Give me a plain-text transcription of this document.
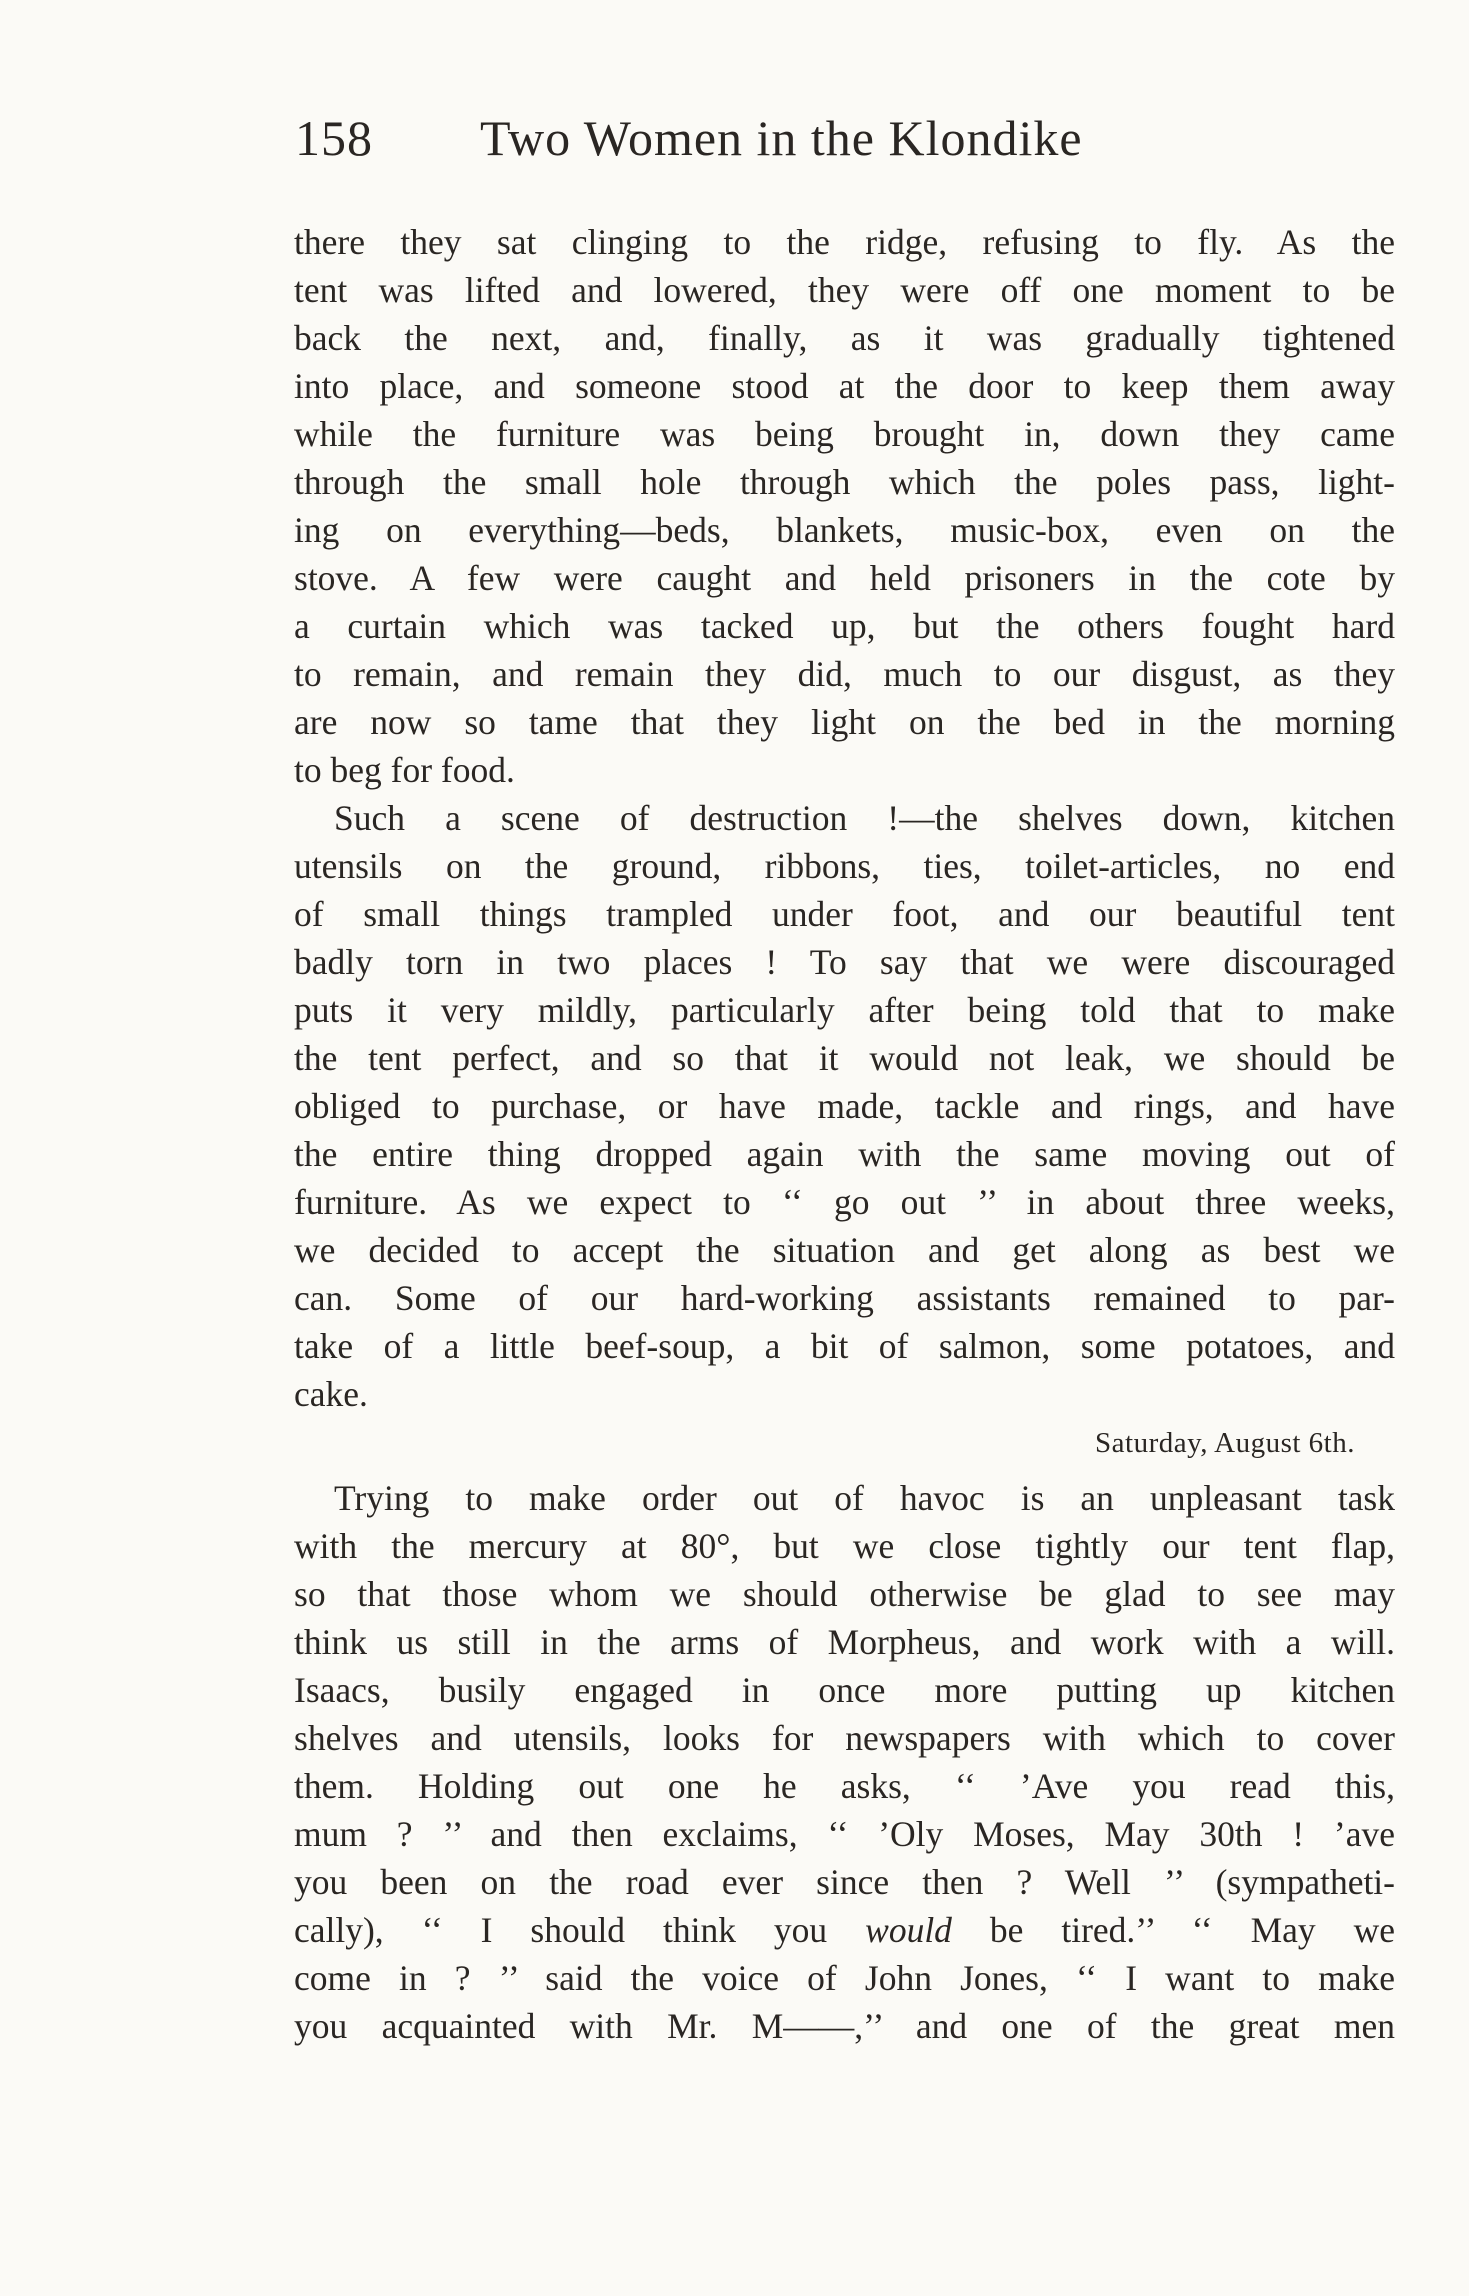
158 Two Women in the Klondike
there they sat clinging to the ridge, refusing to fly. As the
tent was lifted and lowered, they were off one moment to be
back the next, and, finally, as it was gradually tightened
into place, and someone stood at the door to keep them away
while the furniture was being brought in, down they came
through the small hole through which the poles pass, light-
ing on everything—beds, blankets, music-box, even on the
stove. A few were caught and held prisoners in the cote by
a curtain which was tacked up, but the others fought hard
to remain, and remain they did, much to our disgust, as they
are now so tame that they light on the bed in the morning
to beg for food.
Such a scene of destruction !—the shelves down, kitchen
utensils on the ground, ribbons, ties, toilet-articles, no end
of small things trampled under foot, and our beautiful tent
badly torn in two places ! To say that we were discouraged
puts it very mildly, particularly after being told that to make
the tent perfect, and so that it would not leak, we should be
obliged to purchase, or have made, tackle and rings, and have
the entire thing dropped again with the same moving out of
furniture. As we expect to ‘‘ go out ’’ in about three weeks,
we decided to accept the situation and get along as best we
can. Some of our hard-working assistants remained to par-
take of a little beef-soup, a bit of salmon, some potatoes, and
cake.
Saturday, August 6th.
Trying to make order out of havoc is an unpleasant task
with the mercury at 80°, but we close tightly our tent flap,
so that those whom we should otherwise be glad to see may
think us still in the arms of Morpheus, and work with a will.
Isaacs, busily engaged in once more putting up kitchen
shelves and utensils, looks for newspapers with which to cover
them. Holding out one he asks, ‘‘ ’Ave you read this,
mum ? ’’ and then exclaims, ‘‘ ’Oly Moses, May 30th ! ’ave
you been on the road ever since then ? Well ’’ (sympatheti-
cally), ‘‘ I should think you would be tired.’’ ‘‘ May we
come in ? ’’ said the voice of John Jones, ‘‘ I want to make
you acquainted with Mr. M——,’’ and one of the great men
